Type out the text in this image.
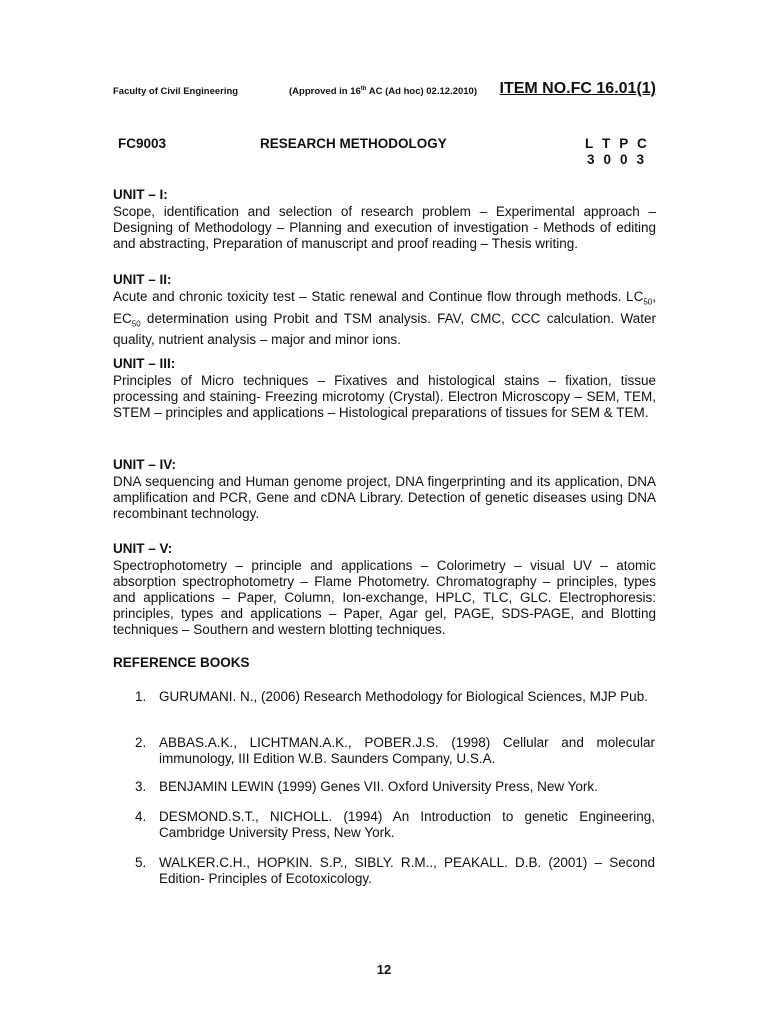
Faculty of Civil Engineering	(Approved in 16th AC (Ad hoc) 02.12.2010) ITEM NO.FC 16.01(1)
FC9003	RESEARCH METHODOLOGY	L  T  P  C
3  0  0  3
UNIT – I:
Scope, identification and selection of research problem – Experimental approach – Designing of Methodology – Planning and execution of investigation - Methods of editing and abstracting, Preparation of manuscript and proof reading – Thesis writing.
UNIT – II:
Acute and chronic toxicity test – Static renewal and Continue flow through methods. $LC_{50}$, $EC_{50}$ determination using Probit and TSM analysis. FAV, CMC, CCC calculation. Water quality, nutrient analysis – major and minor ions.
UNIT – III:
Principles of Micro techniques – Fixatives and histological stains – fixation, tissue processing and staining- Freezing microtomy (Crystal). Electron Microscopy – SEM, TEM, STEM – principles and applications – Histological preparations of tissues for SEM & TEM.
UNIT – IV:
DNA sequencing and Human genome project, DNA fingerprinting and its application, DNA amplification and PCR, Gene and cDNA Library. Detection of genetic diseases using DNA recombinant technology.
UNIT – V:
Spectrophotometry – principle and applications – Colorimetry – visual UV – atomic absorption spectrophotometry – Flame Photometry. Chromatography – principles, types and applications – Paper, Column, Ion-exchange, HPLC, TLC, GLC. Electrophoresis: principles, types and applications – Paper, Agar gel, PAGE, SDS-PAGE, and Blotting techniques – Southern and western blotting techniques.
REFERENCE BOOKS
1. GURUMANI. N., (2006) Research Methodology for Biological Sciences, MJP Pub.
2. ABBAS.A.K., LICHTMAN.A.K., POBER.J.S. (1998) Cellular and molecular immunology, III Edition W.B. Saunders Company, U.S.A.
3. BENJAMIN LEWIN (1999) Genes VII. Oxford University Press, New York.
4. DESMOND.S.T., NICHOLL. (1994) An Introduction to genetic Engineering, Cambridge University Press, New York.
5. WALKER.C.H., HOPKIN. S.P., SIBLY. R.M.., PEAKALL. D.B. (2001) – Second Edition- Principles of Ecotoxicology.
12
